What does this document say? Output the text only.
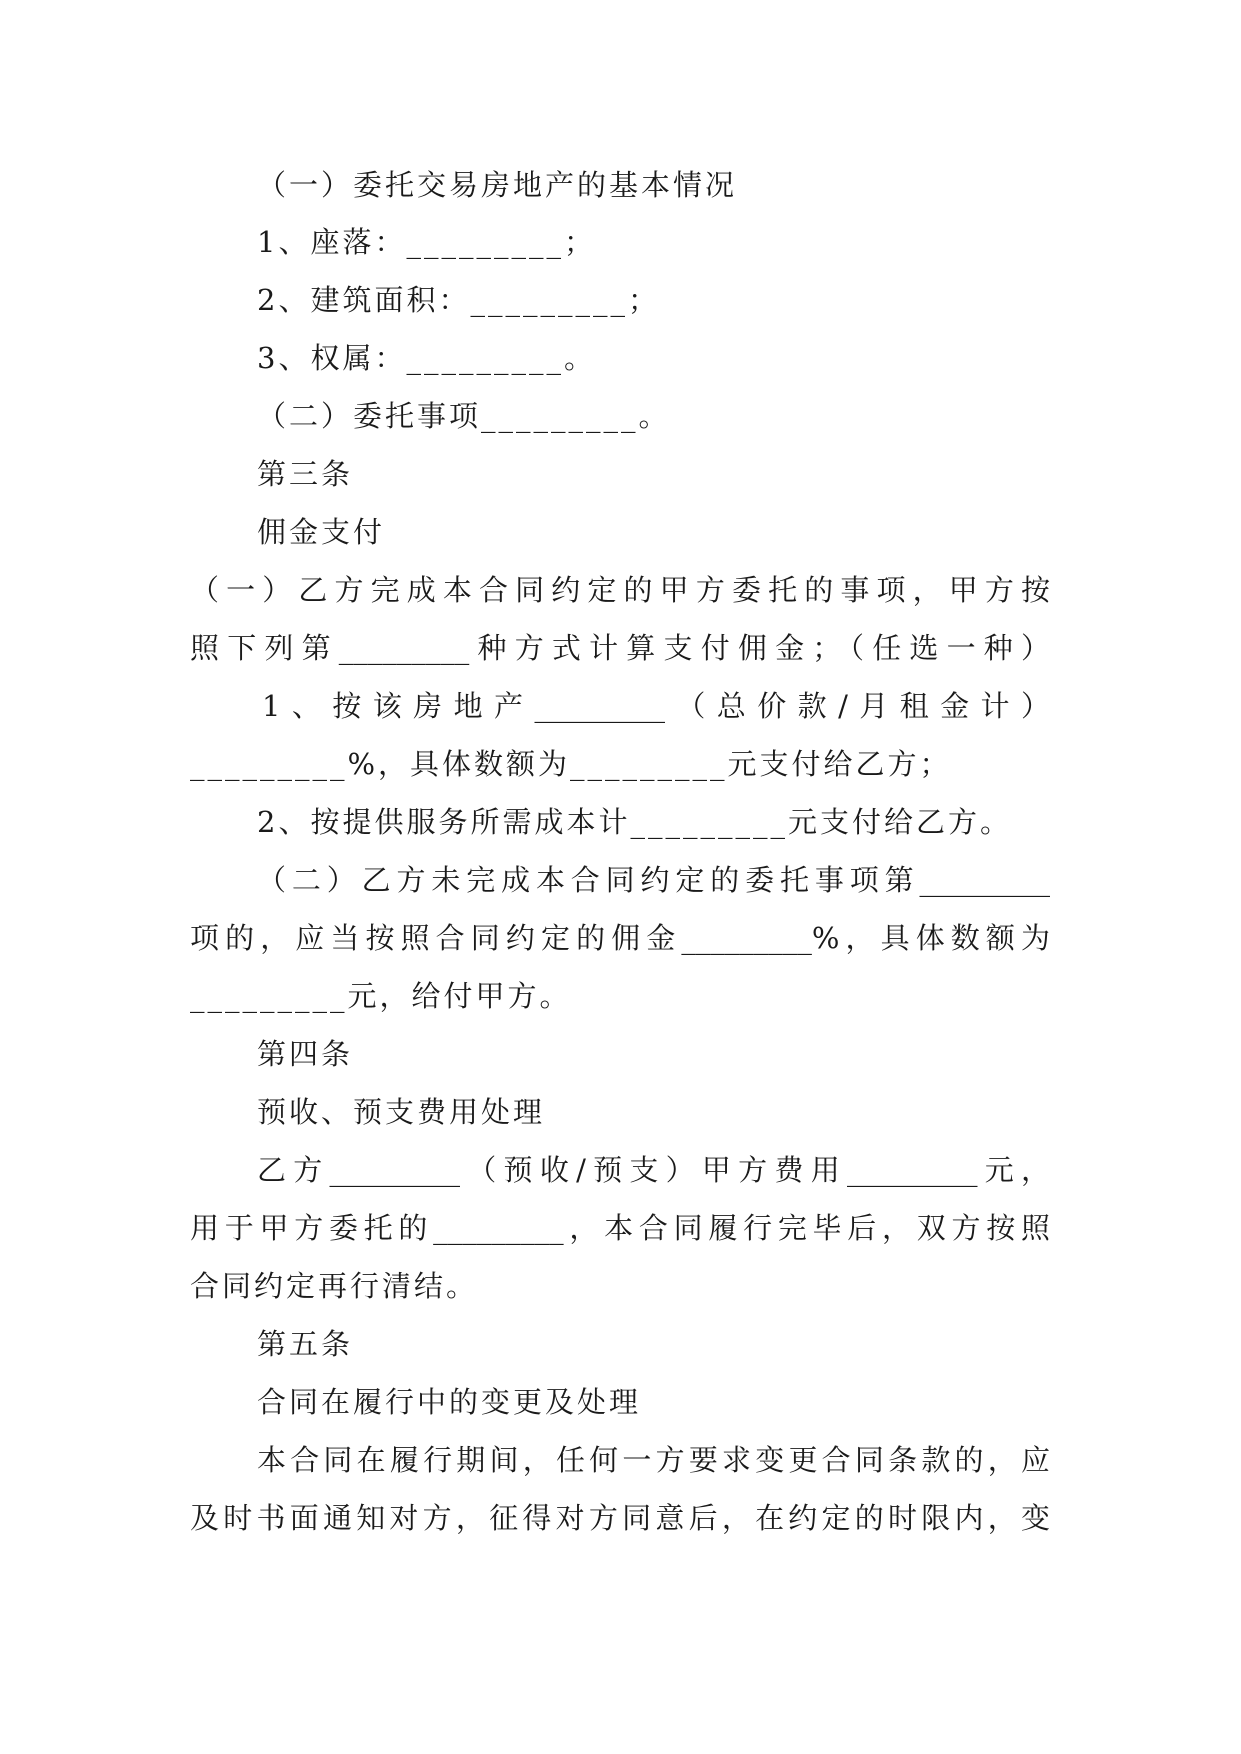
（一）委托交易房地产的基本情况
1、座落：_________；
2、建筑面积：_________；
3、权属：_________。
（二）委托事项_________。
第三条
佣金支付
（一）乙方完成本合同约定的甲方委托的事项，甲方按
照下列第_________种方式计算支付佣金；（任选一种）
1、按该房地产_________（总价款/月租金计）
_________%，具体数额为_________元支付给乙方；
2、按提供服务所需成本计_________元支付给乙方。
（二）乙方未完成本合同约定的委托事项第_________
项的，应当按照合同约定的佣金_________%，具体数额为
_________元，给付甲方。
第四条
预收、预支费用处理
乙方_________（预收/预支）甲方费用_________元，
用于甲方委托的_________，本合同履行完毕后，双方按照
合同约定再行清结。
第五条
合同在履行中的变更及处理
本合同在履行期间，任何一方要求变更合同条款的，应
及时书面通知对方，征得对方同意后，在约定的时限内，变
